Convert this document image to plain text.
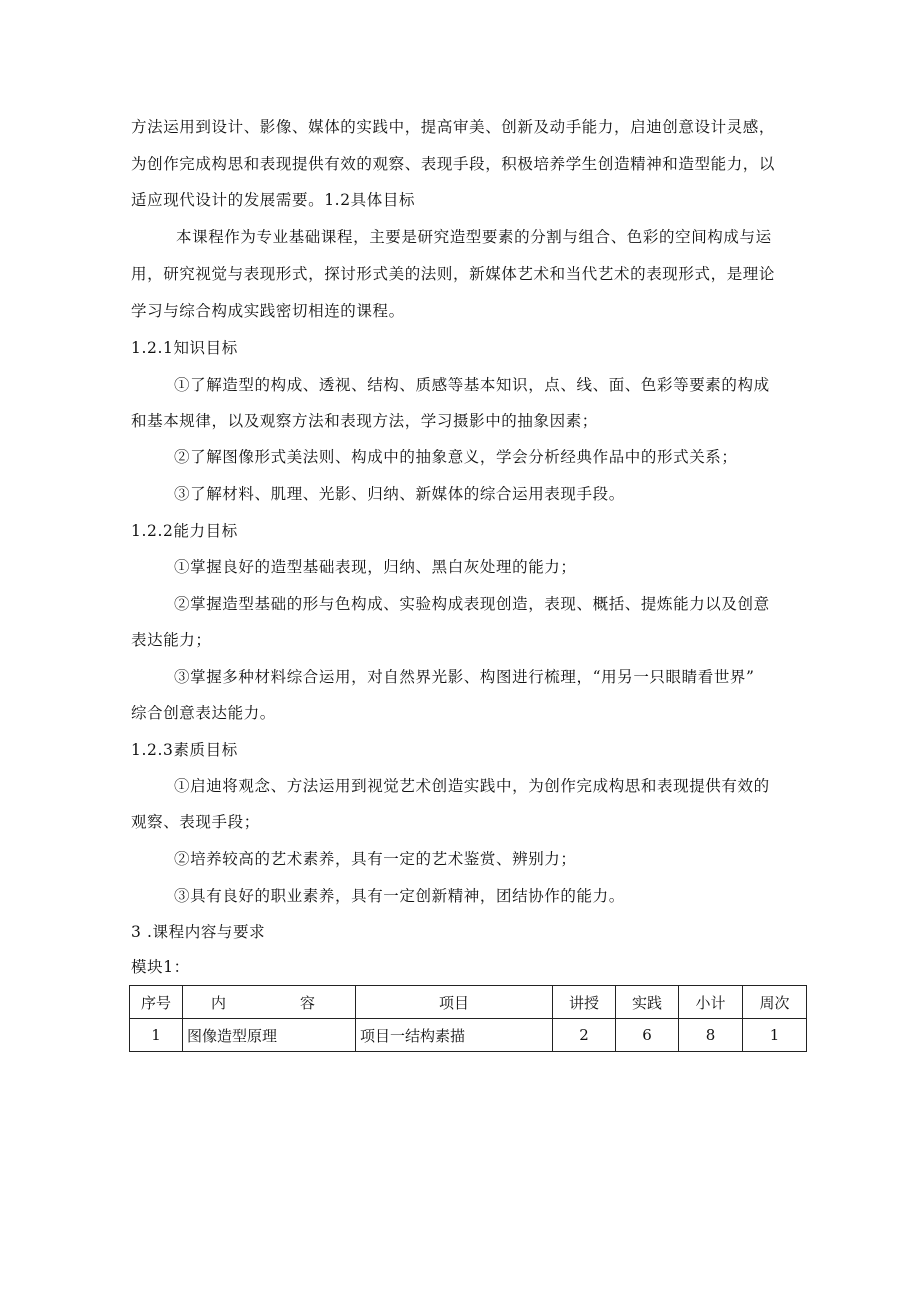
方法运用到设计、影像、媒体的实践中，提高审美、创新及动手能力，启迪创意设计灵感，
为创作完成构思和表现提供有效的观察、表现手段，积极培养学生创造精神和造型能力，以
适应现代设计的发展需要。1.2具体目标
本课程作为专业基础课程，主要是研究造型要素的分割与组合、色彩的空间构成与运
用，研究视觉与表现形式，探讨形式美的法则，新媒体艺术和当代艺术的表现形式，是理论
学习与综合构成实践密切相连的课程。
1.2.1知识目标
①了解造型的构成、透视、结构、质感等基本知识，点、线、面、色彩等要素的构成
和基本规律，以及观察方法和表现方法，学习摄影中的抽象因素；
②了解图像形式美法则、构成中的抽象意义，学会分析经典作品中的形式关系；
③了解材料、肌理、光影、归纳、新媒体的综合运用表现手段。
1.2.2能力目标
①掌握良好的造型基础表现，归纳、黑白灰处理的能力；
②掌握造型基础的形与色构成、实验构成表现创造，表现、概括、提炼能力以及创意
表达能力；
③掌握多种材料综合运用，对自然界光影、构图进行梳理，“用另一只眼睛看世界”
综合创意表达能力。
1.2.3素质目标
①启迪将观念、方法运用到视觉艺术创造实践中，为创作完成构思和表现提供有效的
观察、表现手段；
②培养较高的艺术素养，具有一定的艺术鉴赏、辨别力；
③具有良好的职业素养，具有一定创新精神，团结协作的能力。
3 .课程内容与要求
模块1：
序号	内　　容	项目	讲授	实践	小计	周次
1	图像造型原理	项目一结构素描	2	6	8	1
